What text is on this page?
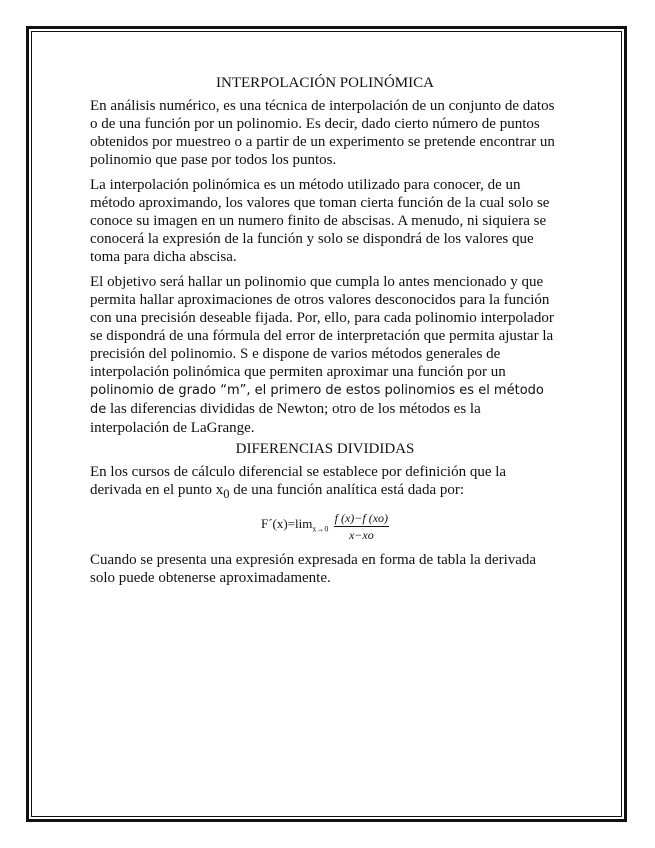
INTERPOLACIÓN POLINÓMICA

En análisis numérico, es una técnica de interpolación de un conjunto de datos o de una función por un polinomio. Es decir, dado cierto número de puntos obtenidos por muestreo o a partir de un experimento se pretende encontrar un polinomio que pase por todos los puntos.

La interpolación polinómica es un método utilizado para conocer, de un método aproximando, los valores que toman cierta función de la cual solo se conoce su imagen en un numero finito de abscisas. A menudo, ni siquiera se conocerá la expresión de la función y solo se dispondrá de los valores que toma para dicha abscisa.

El objetivo será hallar un polinomio que cumpla lo antes mencionado y que permita hallar aproximaciones de otros valores desconocidos para la función con una precisión deseable fijada. Por, ello, para cada polinomio interpolador se dispondrá de una fórmula del error de interpretación que permita ajustar la precisión del polinomio. S e dispone de varios métodos generales de interpolación polinómica que permiten aproximar una función por un polinomio de grado “m”, el primero de estos polinomios es el método de las diferencias divididas de Newton; otro de los métodos es la interpolación de LaGrange.

DIFERENCIAS DIVIDIDAS

En los cursos de cálculo diferencial se establece por definición que la derivada en el punto $x_0$ de una función analítica está dada por:

$F´(x)=\lim_{x\to 0} \frac{f (x)-f (xo)}{x-xo}$

Cuando se presenta una expresión expresada en forma de tabla la derivada solo puede obtenerse aproximadamente.
